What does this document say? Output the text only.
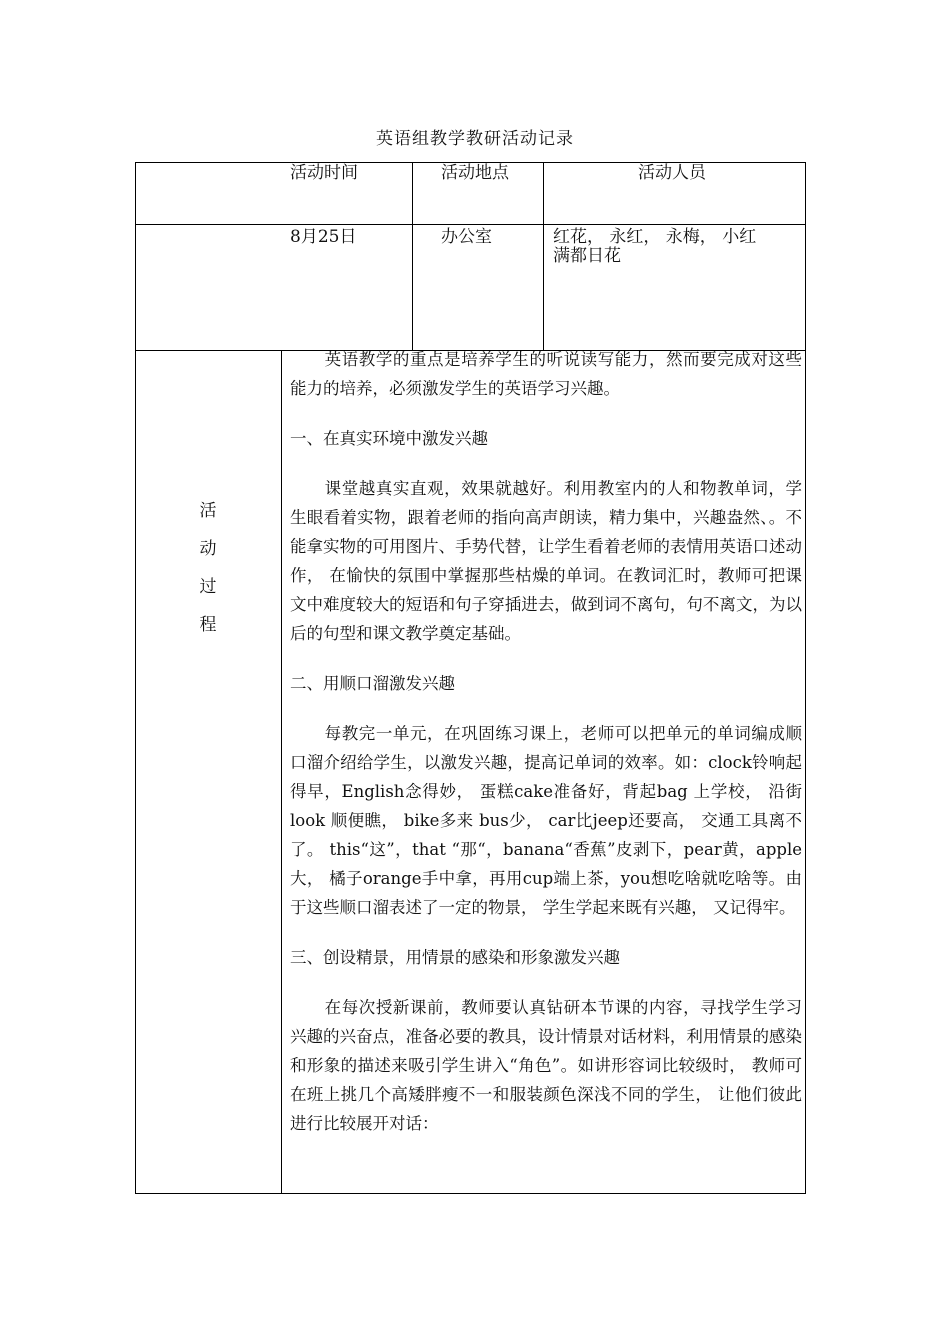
英语组教学教研活动记录
活动时间	活动地点	活动人员
8月25日	办公室	红花， 永红， 永梅， 小红
满都日花
活
动
过
程

英语教学的重点是培养学生的听说读写能力，然而要完成对这些能力的培养，必须激发学生的英语学习兴趣。

一、在真实环境中激发兴趣

课堂越真实直观，效果就越好。利用教室内的人和物教单词，学生眼看着实物，跟着老师的指向高声朗读，精力集中，兴趣盎然、。不能拿实物的可用图片、手势代替，让学生看着老师的表情用英语口述动作， 在愉快的氛围中掌握那些枯燥的单词。在教词汇时，教师可把课文中难度较大的短语和句子穿插进去，做到词不离句，句不离文，为以后的句型和课文教学奠定基础。

二、用顺口溜激发兴趣

每教完一单元，在巩固练习课上，老师可以把单元的单词编成顺口溜介绍给学生，以激发兴趣，提高记单词的效率。如：clock铃响起得早，English念得妙， 蛋糕cake准备好，背起bag 上学校， 沿街look 顺便瞧， bike多来 bus少， car比jeep还要高， 交通工具离不了。 this“这”，that “那“，banana“香蕉”皮剥下，pear黄，apple大， 橘子orange手中拿，再用cup端上茶，you想吃啥就吃啥等。由于这些顺口溜表述了一定的物景， 学生学起来既有兴趣， 又记得牢。

三、创设精景，用情景的感染和形象激发兴趣

在每次授新课前，教师要认真钻研本节课的内容，寻找学生学习兴趣的兴奋点，准备必要的教具，设计情景对话材料，利用情景的感染和形象的描述来吸引学生讲入“角色”。如讲形容词比较级时， 教师可在班上挑几个高矮胖瘦不一和服装颜色深浅不同的学生， 让他们彼此进行比较展开对话：
